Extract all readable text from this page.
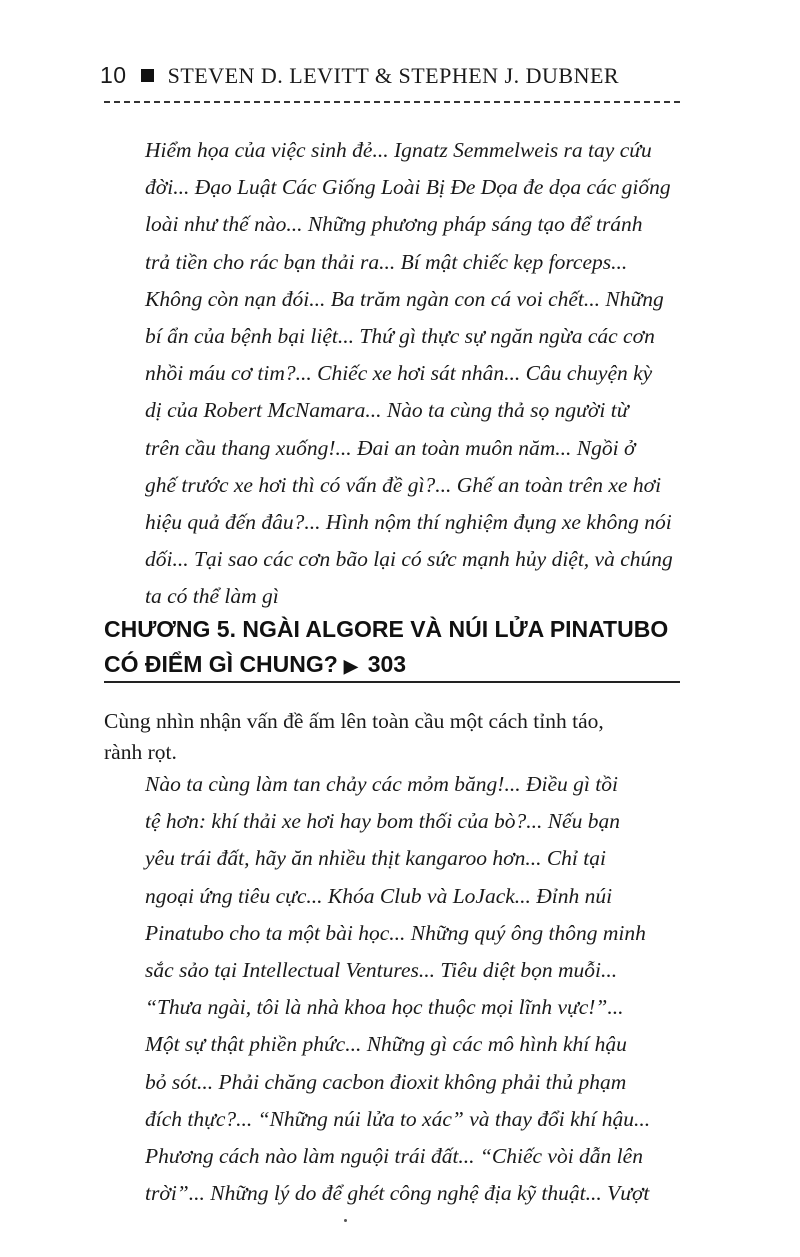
10 STEVEN D. LEVITT & STEPHEN J. DUBNER
Hiểm họa của việc sinh đẻ... Ignatz Semmelweis ra tay cứu
đời... Đạo Luật Các Giống Loài Bị Đe Dọa đe dọa các giống
loài như thế nào... Những phương pháp sáng tạo để tránh
trả tiền cho rác bạn thải ra... Bí mật chiếc kẹp forceps...
Không còn nạn đói... Ba trăm ngàn con cá voi chết... Những
bí ẩn của bệnh bại liệt... Thứ gì thực sự ngăn ngừa các cơn
nhồi máu cơ tim?... Chiếc xe hơi sát nhân... Câu chuyện kỳ
dị của Robert McNamara... Nào ta cùng thả sọ người từ
trên cầu thang xuống!... Đai an toàn muôn năm... Ngồi ở
ghế trước xe hơi thì có vấn đề gì?... Ghế an toàn trên xe hơi
hiệu quả đến đâu?... Hình nộm thí nghiệm đụng xe không nói
dối... Tại sao các cơn bão lại có sức mạnh hủy diệt, và chúng
ta có thể làm gì
CHƯƠNG 5. NGÀI ALGORE VÀ NÚI LỬA PINATUBO
CÓ ĐIỂM GÌ CHUNG? ▶ 303
Cùng nhìn nhận vấn đề ấm lên toàn cầu một cách tỉnh táo,
rành rọt.
Nào ta cùng làm tan chảy các mỏm băng!... Điều gì tồi
tệ hơn: khí thải xe hơi hay bom thối của bò?... Nếu bạn
yêu trái đất, hãy ăn nhiều thịt kangaroo hơn... Chỉ tại
ngoại ứng tiêu cực... Khóa Club và LoJack... Đỉnh núi
Pinatubo cho ta một bài học... Những quý ông thông minh
sắc sảo tại Intellectual Ventures... Tiêu diệt bọn muỗi...
“Thưa ngài, tôi là nhà khoa học thuộc mọi lĩnh vực!”...
Một sự thật phiền phức... Những gì các mô hình khí hậu
bỏ sót... Phải chăng cacbon đioxit không phải thủ phạm
đích thực?... “Những núi lửa to xác” và thay đổi khí hậu...
Phương cách nào làm nguội trái đất... “Chiếc vòi dẫn lên
trời”... Những lý do để ghét công nghệ địa kỹ thuật... Vượt
